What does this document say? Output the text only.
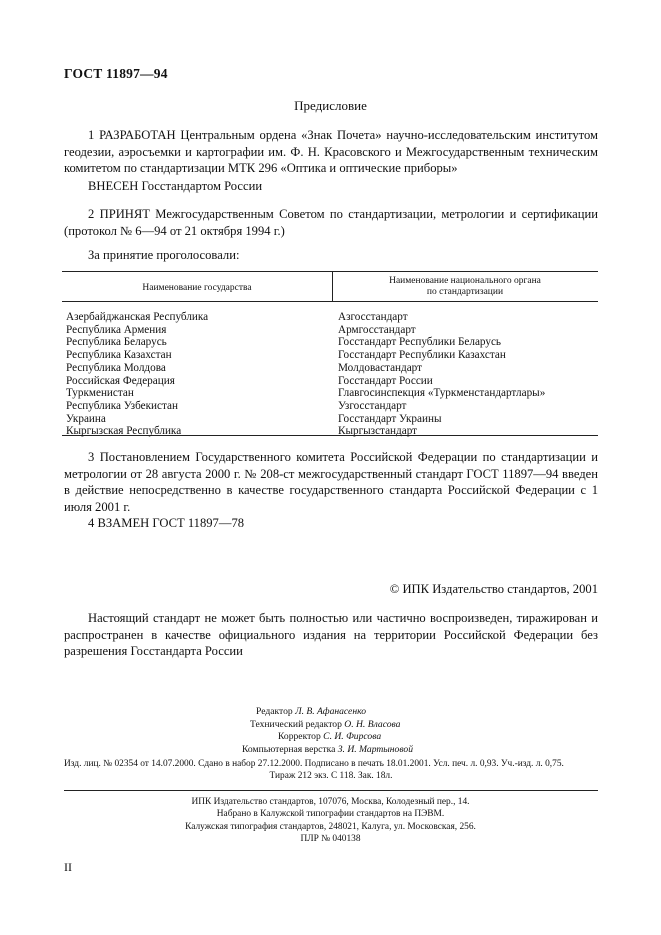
ГОСТ 11897—94
Предисловие
1 РАЗРАБОТАН Центральным ордена «Знак Почета» научно-исследовательским институтом геодезии, аэросъемки и картографии им. Ф. Н. Красовского и Межгосударственным техническим комитетом по стандартизации МТК 296 «Оптика и оптические приборы»
ВНЕСЕН Госстандартом России
2 ПРИНЯТ Межгосударственным Советом по стандартизации, метрологии и сертификации (протокол № 6—94 от 21 октября 1994 г.)
За принятие проголосовали:
Наименование государства
Наименование национального органа
по стандартизации
Азербайджанская Республика
Республика Армения
Республика Беларусь
Республика Казахстан
Республика Молдова
Российская Федерация
Туркменистан
Республика Узбекистан
Украина
Кыргызская Республика
Азгосстандарт
Армгосстандарт
Госстандарт Республики Беларусь
Госстандарт Республики Казахстан
Молдовастандарт
Госстандарт России
Главгосинспекция «Туркменстандартлары»
Узгосстандарт
Госстандарт Украины
Кыргызстандарт
3 Постановлением Государственного комитета Российской Федерации по стандартизации и метрологии от 28 августа 2000 г. № 208-ст межгосударственный стандарт ГОСТ 11897—94 введен в действие непосредственно в качестве государственного стандарта Российской Федерации с 1 июля 2001 г.
4 ВЗАМЕН ГОСТ 11897—78
© ИПК Издательство стандартов, 2001
Настоящий стандарт не может быть полностью или частично воспроизведен, тиражирован и распространен в качестве официального издания на территории Российской Федерации без разрешения Госстандарта России
Редактор Л. В. Афанасенко
Технический редактор О. Н. Власова
Корректор С. И. Фирсова
Компьютерная верстка З. И. Мартыновой
Изд. лиц. № 02354 от 14.07.2000. Сдано в набор 27.12.2000. Подписано в печать 18.01.2001. Усл. печ. л. 0,93. Уч.-изд. л. 0,75.
Тираж 212 экз. С 118. Зак. 18л.
ИПК Издательство стандартов, 107076, Москва, Колодезный пер., 14.
Набрано в Калужской типографии стандартов на ПЭВМ.
Калужская типография стандартов, 248021, Калуга, ул. Московская, 256.
ПЛР № 040138
II
